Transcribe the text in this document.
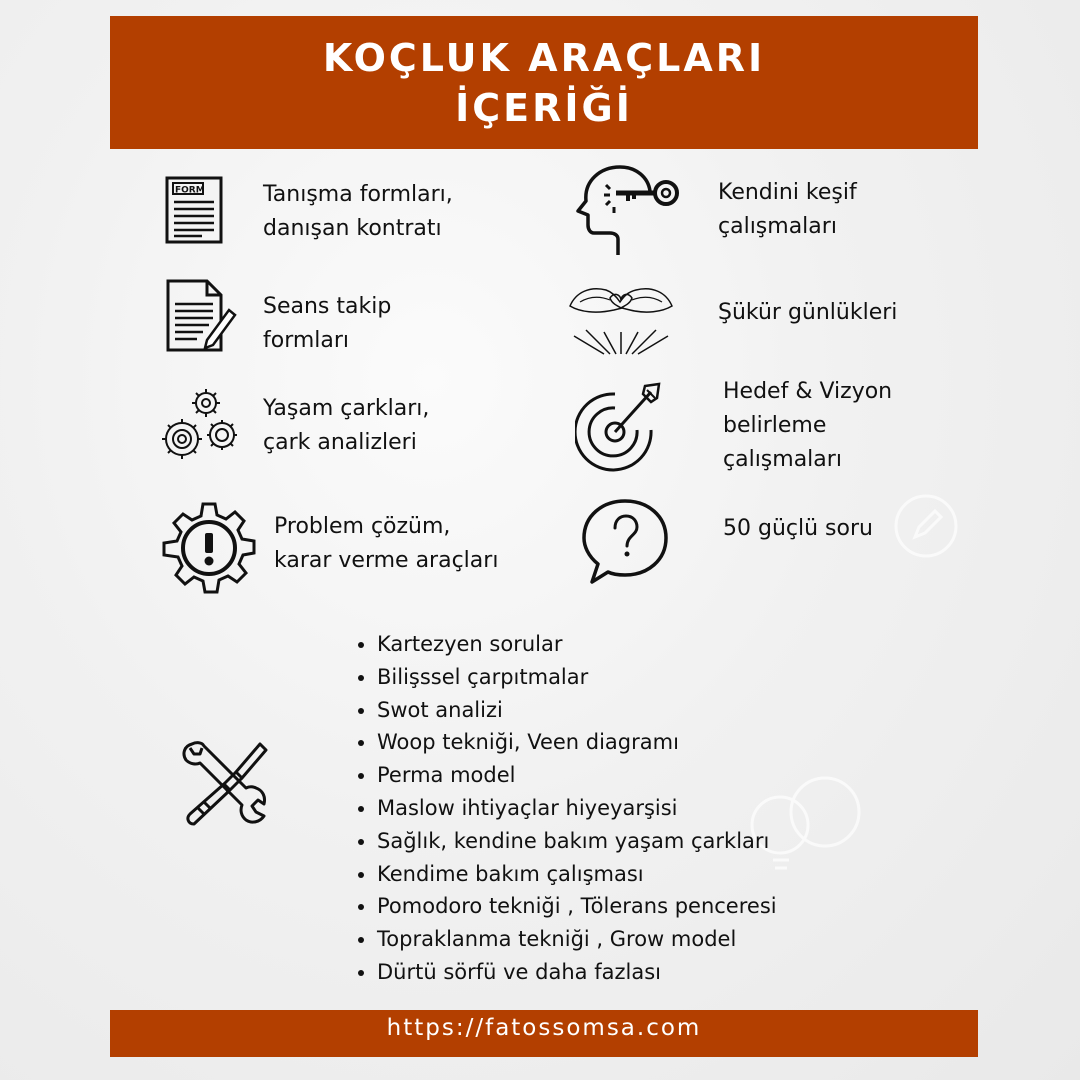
KOÇLUK ARAÇLARI
İÇERİĞİ
FORM	Tanışma formları,
danışan kontratı
Kendini keşif
çalışmaları
Seans takip
formları
Şükür günlükleri
Yaşam çarkları,
çark analizleri
Hedef & Vizyon
belirleme
çalışmaları
Problem çözüm,
karar verme araçları
50 güçlü soru
• Kartezyen sorular
• Bilişssel çarpıtmalar
• Swot analizi
• Woop tekniği, Veen diagramı
• Perma model
• Maslow ihtiyaçlar hiyeyarşisi
• Sağlık, kendine bakım yaşam çarkları
• Kendime bakım çalışması
• Pomodoro tekniği , Tölerans penceresi
• Topraklanma tekniği , Grow model
• Dürtü sörfü ve daha fazlası
https://fatossomsa.com
